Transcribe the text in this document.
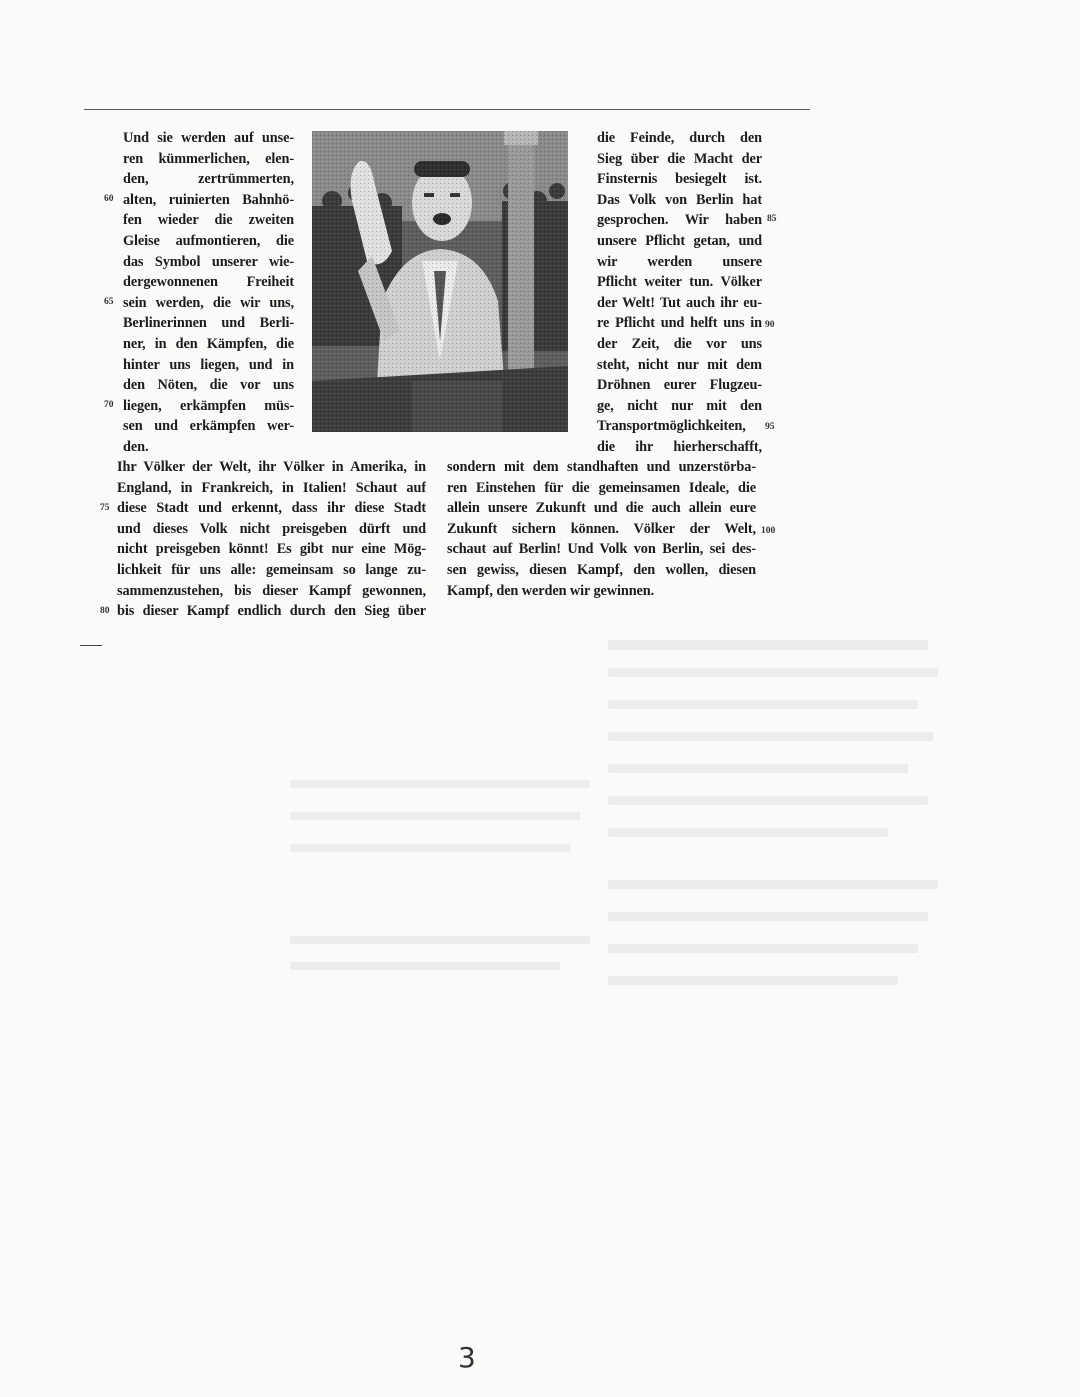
Und sie werden auf unse-
ren kümmerlichen, elen-
den, zertrümmerten,
alten, ruinierten Bahnhö-
fen wieder die zweiten
Gleise aufmontieren, die
das Symbol unserer wie-
dergewonnenen Freiheit
sein werden, die wir uns,
Berlinerinnen und Berli-
ner, in den Kämpfen, die
hinter uns liegen, und in
den Nöten, die vor uns
liegen, erkämpfen müs-
sen und erkämpfen wer-
den.
die Feinde, durch den
Sieg über die Macht der
Finsternis besiegelt ist.
Das Volk von Berlin hat
gesprochen. Wir haben
unsere Pflicht getan, und
wir werden unsere
Pflicht weiter tun. Völker
der Welt! Tut auch ihr eu-
re Pflicht und helft uns in
der Zeit, die vor uns
steht, nicht nur mit dem
Dröhnen eurer Flugzeu-
ge, nicht nur mit den
Transportmöglichkeiten,
die ihr hierherschafft,
Ihr Völker der Welt, ihr Völker in Amerika, in
England, in Frankreich, in Italien! Schaut auf
diese Stadt und erkennt, dass ihr diese Stadt
und dieses Volk nicht preisgeben dürft und
nicht preisgeben könnt! Es gibt nur eine Mög-
lichkeit für uns alle: gemeinsam so lange zu-
sammenzustehen, bis dieser Kampf gewonnen,
bis dieser Kampf endlich durch den Sieg über
sondern mit dem standhaften und unzerstörba-
ren Einstehen für die gemeinsamen Ideale, die
allein unsere Zukunft und die auch allein eure
Zukunft sichern können. Völker der Welt,
schaut auf Berlin! Und Volk von Berlin, sei des-
sen gewiss, diesen Kampf, den wollen, diesen
Kampf, den werden wir gewinnen.
60
65
70
75
80
85
90
95
100
3
